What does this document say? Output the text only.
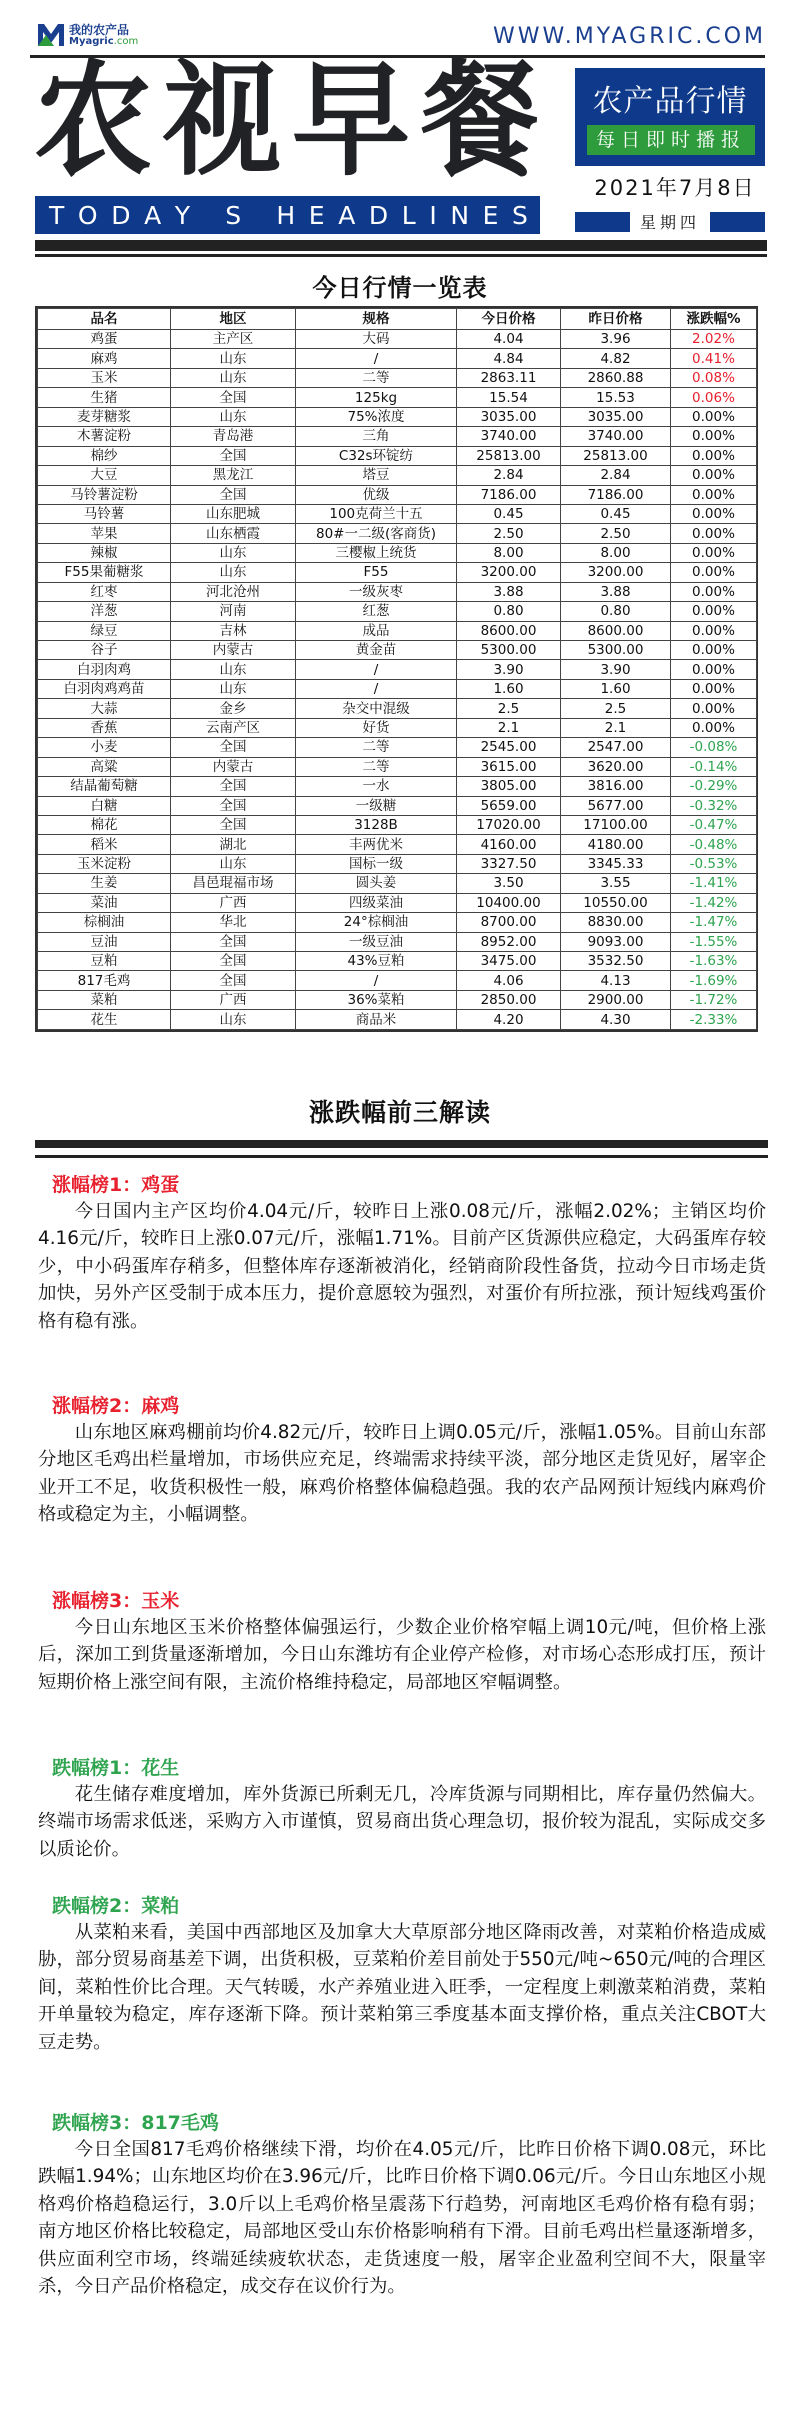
我的农产品
Myagric.com	WWW.MYAGRIC.COM
农 视 早 餐
T O D A Y S H E A D L I N E S
农产品行情
每日即时播报
2021年7月8日
星期四
今日行情一览表
品名	地区	规格	今日价格	昨日价格	涨跌幅%
鸡蛋	主产区	大码	4.04	3.96	2.02%
麻鸡	山东	/	4.84	4.82	0.41%
玉米	山东	二等	2863.11	2860.88	0.08%
生猪	全国	125kg	15.54	15.53	0.06%
麦芽糖浆	山东	75%浓度	3035.00	3035.00	0.00%
木薯淀粉	青岛港	三角	3740.00	3740.00	0.00%
棉纱	全国	C32s环锭纺	25813.00	25813.00	0.00%
大豆	黑龙江	塔豆	2.84	2.84	0.00%
马铃薯淀粉	全国	优级	7186.00	7186.00	0.00%
马铃薯	山东肥城	100克荷兰十五	0.45	0.45	0.00%
苹果	山东栖霞	80#一二级(客商货)	2.50	2.50	0.00%
辣椒	山东	三樱椒上统货	8.00	8.00	0.00%
F55果葡糖浆	山东	F55	3200.00	3200.00	0.00%
红枣	河北沧州	一级灰枣	3.88	3.88	0.00%
洋葱	河南	红葱	0.80	0.80	0.00%
绿豆	吉林	成品	8600.00	8600.00	0.00%
谷子	内蒙古	黄金苗	5300.00	5300.00	0.00%
白羽肉鸡	山东	/	3.90	3.90	0.00%
白羽肉鸡鸡苗	山东	/	1.60	1.60	0.00%
大蒜	金乡	杂交中混级	2.5	2.5	0.00%
香蕉	云南产区	好货	2.1	2.1	0.00%
小麦	全国	二等	2545.00	2547.00	-0.08%
高粱	内蒙古	二等	3615.00	3620.00	-0.14%
结晶葡萄糖	全国	一水	3805.00	3816.00	-0.29%
白糖	全国	一级糖	5659.00	5677.00	-0.32%
棉花	全国	3128B	17020.00	17100.00	-0.47%
稻米	湖北	丰两优米	4160.00	4180.00	-0.48%
玉米淀粉	山东	国标一级	3327.50	3345.33	-0.53%
生姜	昌邑琨福市场	圆头姜	3.50	3.55	-1.41%
菜油	广西	四级菜油	10400.00	10550.00	-1.42%
棕榈油	华北	24°棕榈油	8700.00	8830.00	-1.47%
豆油	全国	一级豆油	8952.00	9093.00	-1.55%
豆粕	全国	43%豆粕	3475.00	3532.50	-1.63%
817毛鸡	全国	/	4.06	4.13	-1.69%
菜粕	广西	36%菜粕	2850.00	2900.00	-1.72%
花生	山东	商品米	4.20	4.30	-2.33%
涨跌幅前三解读
涨幅榜1：鸡蛋
今日国内主产区均价4.04元/斤，较昨日上涨0.08元/斤，涨幅2.02%；主销区均价4.16元/斤，较昨日上涨0.07元/斤，涨幅1.71%。目前产区货源供应稳定，大码蛋库存较少，中小码蛋库存稍多，但整体库存逐渐被消化，经销商阶段性备货，拉动今日市场走货加快，另外产区受制于成本压力，提价意愿较为强烈，对蛋价有所拉涨，预计短线鸡蛋价格有稳有涨。
涨幅榜2：麻鸡
山东地区麻鸡棚前均价4.82元/斤，较昨日上调0.05元/斤，涨幅1.05%。目前山东部分地区毛鸡出栏量增加，市场供应充足，终端需求持续平淡，部分地区走货见好，屠宰企业开工不足，收货积极性一般，麻鸡价格整体偏稳趋强。我的农产品网预计短线内麻鸡价格或稳定为主，小幅调整。
涨幅榜3：玉米
今日山东地区玉米价格整体偏强运行，少数企业价格窄幅上调10元/吨，但价格上涨后，深加工到货量逐渐增加，今日山东潍坊有企业停产检修，对市场心态形成打压，预计短期价格上涨空间有限，主流价格维持稳定，局部地区窄幅调整。
跌幅榜1：花生
花生储存难度增加，库外货源已所剩无几，冷库货源与同期相比，库存量仍然偏大。终端市场需求低迷，采购方入市谨慎，贸易商出货心理急切，报价较为混乱，实际成交多以质论价。
跌幅榜2：菜粕
从菜粕来看，美国中西部地区及加拿大大草原部分地区降雨改善，对菜粕价格造成威胁，部分贸易商基差下调，出货积极，豆菜粕价差目前处于550元/吨~650元/吨的合理区间，菜粕性价比合理。天气转暖，水产养殖业进入旺季，一定程度上刺激菜粕消费，菜粕开单量较为稳定，库存逐渐下降。预计菜粕第三季度基本面支撑价格，重点关注CBOT大豆走势。
跌幅榜3：817毛鸡
今日全国817毛鸡价格继续下滑，均价在4.05元/斤，比昨日价格下调0.08元，环比跌幅1.94%；山东地区均价在3.96元/斤，比昨日价格下调0.06元/斤。今日山东地区小规格鸡价格趋稳运行，3.0斤以上毛鸡价格呈震荡下行趋势，河南地区毛鸡价格有稳有弱；南方地区价格比较稳定，局部地区受山东价格影响稍有下滑。目前毛鸡出栏量逐渐增多，供应面利空市场，终端延续疲软状态，走货速度一般，屠宰企业盈利空间不大，限量宰杀，今日产品价格稳定，成交存在议价行为。
